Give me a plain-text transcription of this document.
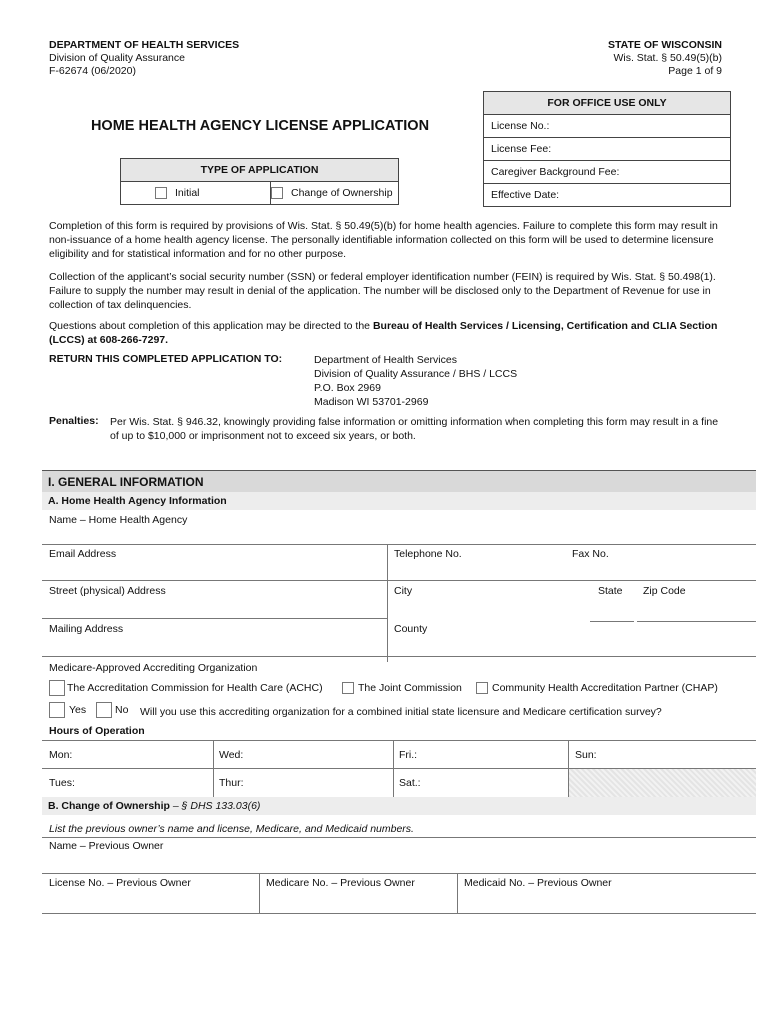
DEPARTMENT OF HEALTH SERVICES
Division of Quality Assurance
F-62674 (06/2020)
STATE OF WISCONSIN
Wis. Stat. § 50.49(5)(b)
Page 1 of 9
FOR OFFICE USE ONLY
License No.:
License Fee:
Caregiver Background Fee:
Effective Date:
HOME HEALTH AGENCY LICENSE APPLICATION
TYPE OF APPLICATION
Initial	Change of Ownership
Completion of this form is required by provisions of Wis. Stat. § 50.49(5)(b) for home health agencies. Failure to complete this form may result in non-issuance of a home health agency license. The personally identifiable information collected on this form will be used to determine licensure eligibility and for statistical information and for no other purpose.
Collection of the applicant’s social security number (SSN) or federal employer identification number (FEIN) is required by Wis. Stat. § 50.498(1). Failure to supply the number may result in denial of the application. The number will be disclosed only to the Department of Revenue for use in collection of tax delinquencies.
Questions about completion of this application may be directed to the Bureau of Health Services / Licensing, Certification and CLIA Section (LCCS) at 608-266-7297.
RETURN THIS COMPLETED APPLICATION TO:	Department of Health Services
Division of Quality Assurance / BHS / LCCS
P.O. Box 2969
Madison WI 53701-2969
Penalties: Per Wis. Stat. § 946.32, knowingly providing false information or omitting information when completing this form may result in a fine of up to $10,000 or imprisonment not to exceed six years, or both.
I. GENERAL INFORMATION
A. Home Health Agency Information
Name – Home Health Agency
Email Address	Telephone No.	Fax No.
Street (physical) Address	City	State Zip Code
Mailing Address	County
Medicare-Approved Accrediting Organization
The Accreditation Commission for Health Care (ACHC)	The Joint Commission	Community Health Accreditation Partner (CHAP)
Yes	No Will you use this accrediting organization for a combined initial state licensure and Medicare certification survey?
Hours of Operation
Mon:	Wed:	Fri.:	Sun:
Tues:	Thur:	Sat.:
B. Change of Ownership – § DHS 133.03(6)
List the previous owner’s name and license, Medicare, and Medicaid numbers.
Name – Previous Owner
License No. – Previous Owner	Medicare No. – Previous Owner	Medicaid No. – Previous Owner
